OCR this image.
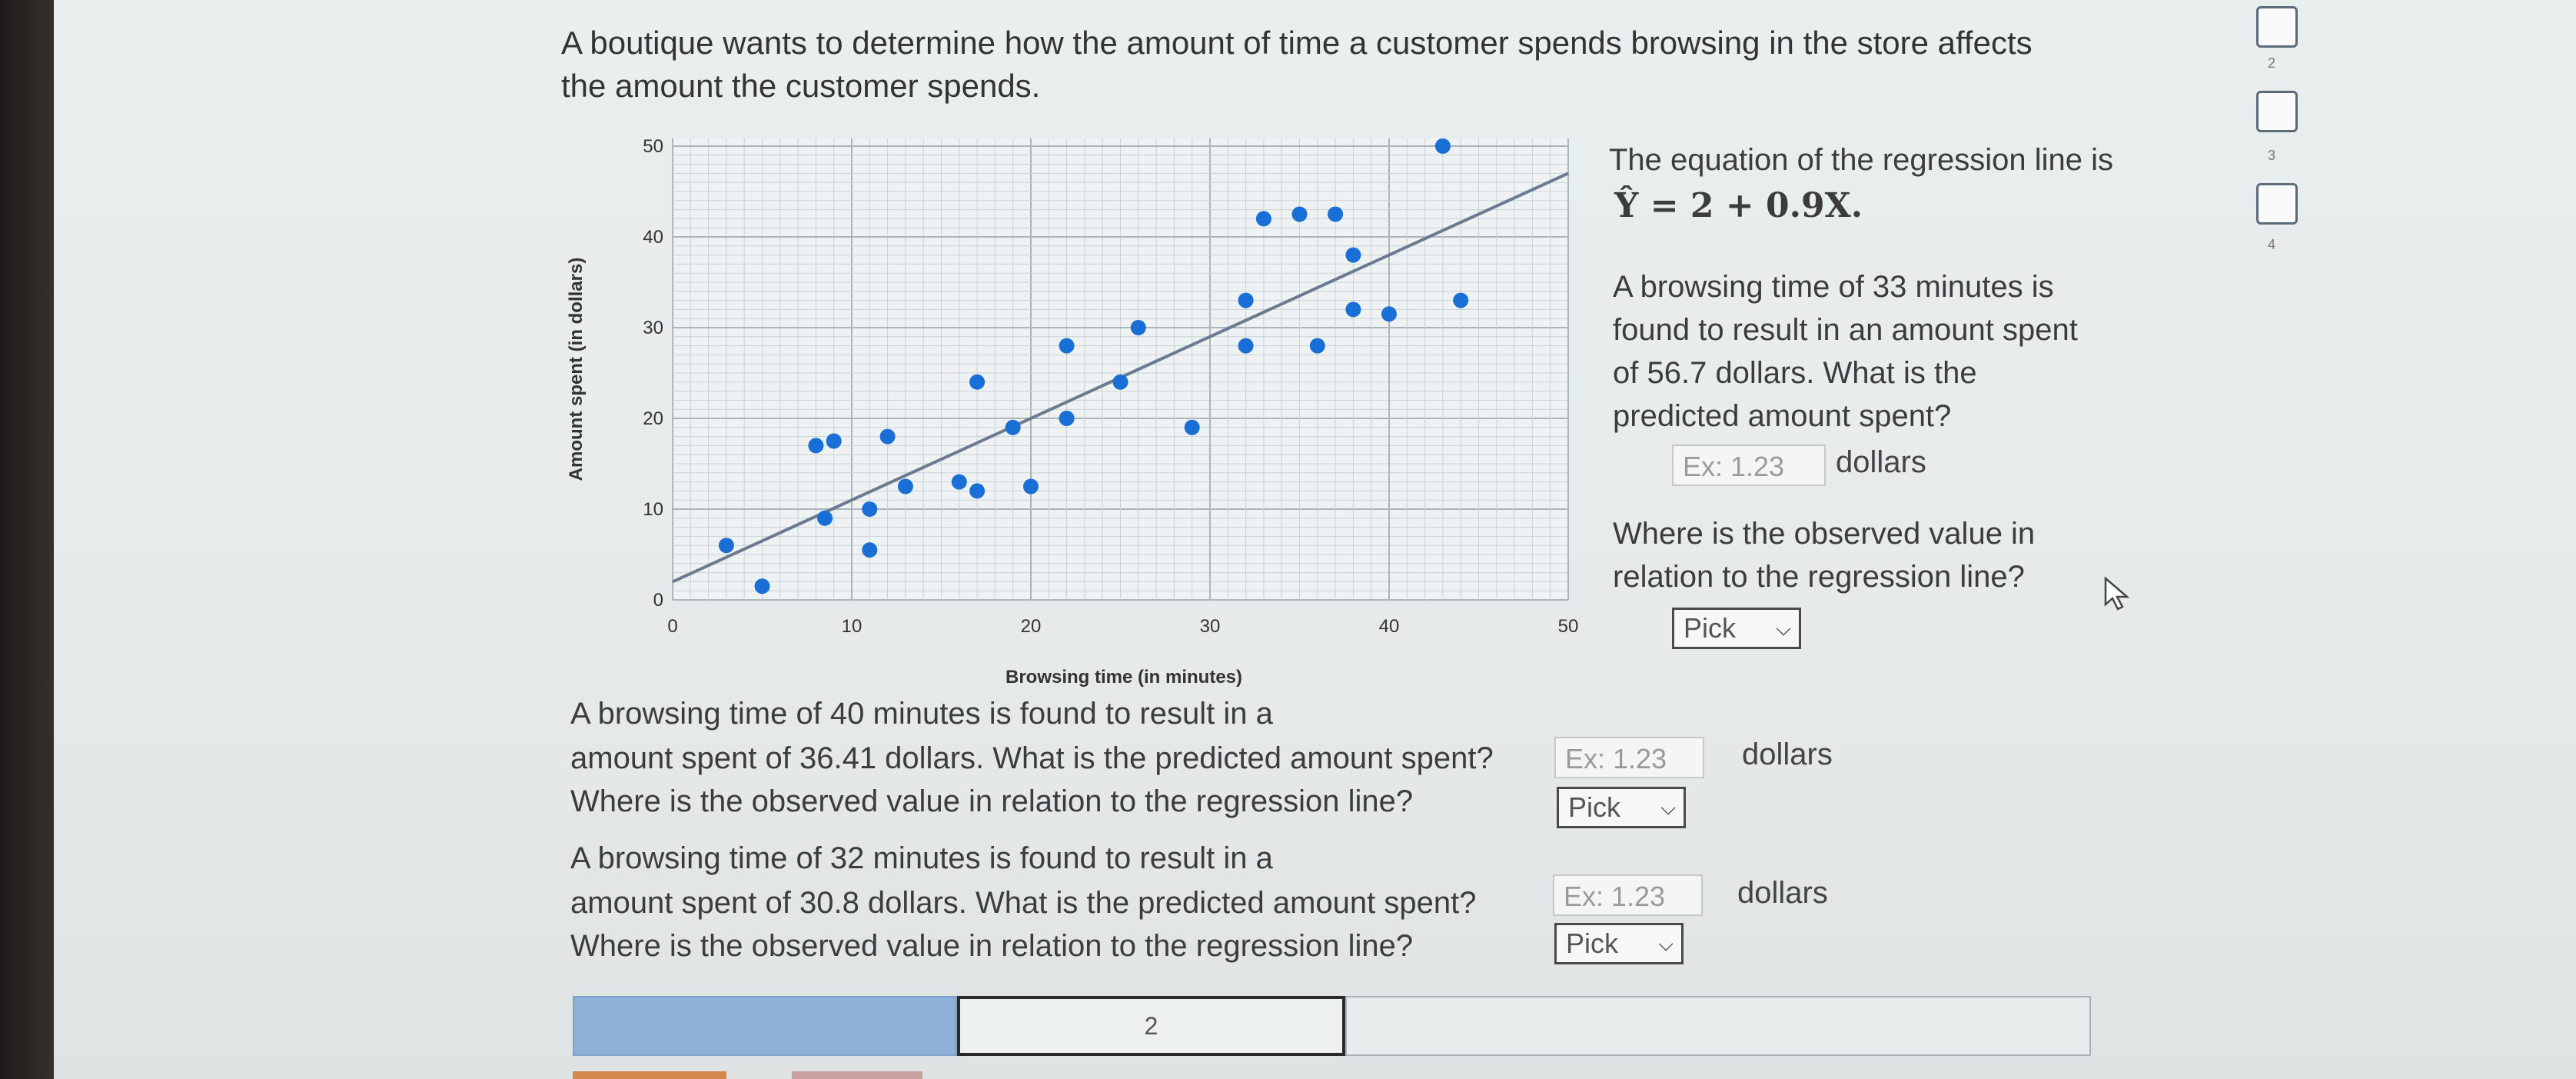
A boutique wants to determine how the amount of time a customer spends browsing in the store affects the amount the customer spends.
0	10	20	30	40	50
0
10
20
30
40
50
Amount spent (in dollars)
Browsing time (in minutes)
The equation of the regression line is
Ŷ = 2 + 0.9X.
A browsing time of 33 minutes is found to result in an amount spent of 56.7 dollars. What is the predicted amount spent?
Ex: 1.23	dollars
Where is the observed value in relation to the regression line?
Pick ⌵
A browsing time of 40 minutes is found to result in a
amount spent of 36.41 dollars. What is the predicted amount spent?
Where is the observed value in relation to the regression line?
Ex: 1.23	dollars
Pick ⌵
A browsing time of 32 minutes is found to result in a
amount spent of 30.8 dollars. What is the predicted amount spent?
Where is the observed value in relation to the regression line?
Ex: 1.23	dollars
Pick ⌵
2
3
4
2
